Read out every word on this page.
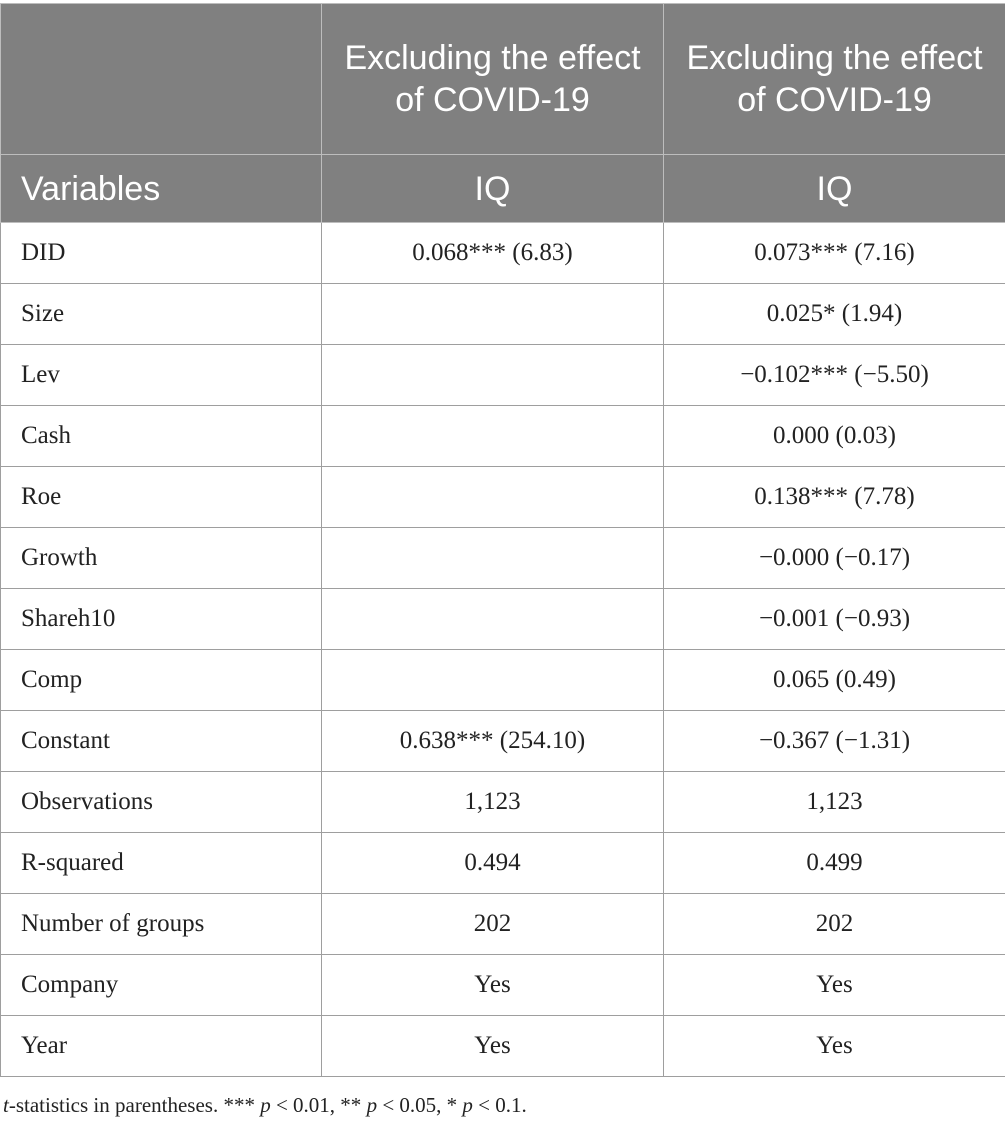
	Excluding the effect of COVID-19	Excluding the effect of COVID-19
Variables	IQ	IQ
DID	0.068*** (6.83)	0.073*** (7.16)
Size		0.025* (1.94)
Lev		−0.102*** (−5.50)
Cash		0.000 (0.03)
Roe		0.138*** (7.78)
Growth		−0.000 (−0.17)
Shareh10		−0.001 (−0.93)
Comp		0.065 (0.49)
Constant	0.638*** (254.10)	−0.367 (−1.31)
Observations	1,123	1,123
R-squared	0.494	0.499
Number of groups	202	202
Company	Yes	Yes
Year	Yes	Yes
t-statistics in parentheses. *** p < 0.01, ** p < 0.05, * p < 0.1.
